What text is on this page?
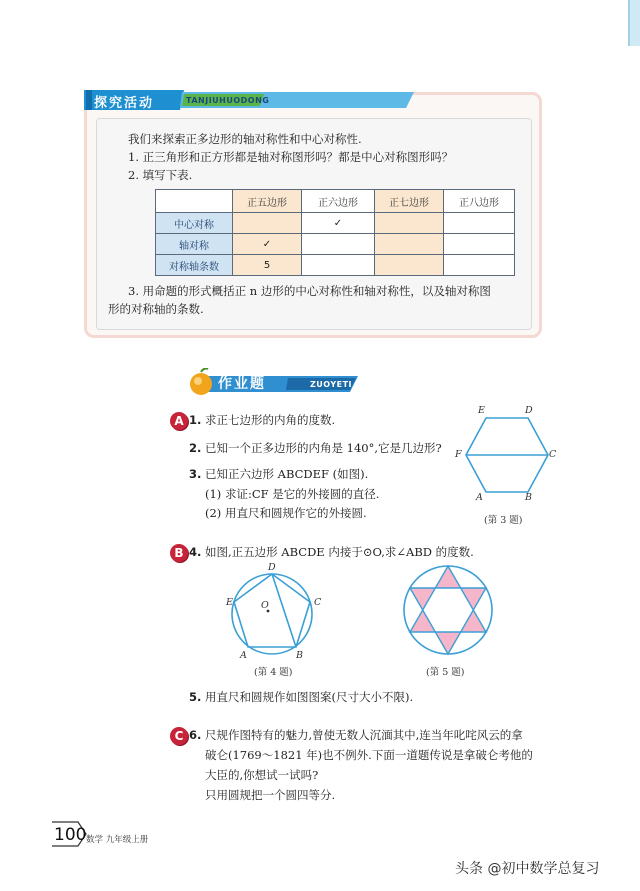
探究活动	TANJIUHUODONG
我们来探索正多边形的轴对称性和中心对称性.
1. 正三角形和正方形都是轴对称图形吗？都是中心对称图形吗？
2. 填写下表.
	正五边形	正六边形	正七边形	正八边形
中心对称		✓		
轴对称	✓			
对称轴条数	5			
3. 用命题的形式概括正 n 边形的中心对称性和轴对称性，以及轴对称图
形的对称轴的条数.
作业题	ZUOYETI
A 1. 求正七边形的内角的度数.
2. 已知一个正多边形的内角是 140°,它是几边形?
3. 已知正六边形 ABCDEF (如图).
(1) 求证:CF 是它的外接圆的直径.
(2) 用直尺和圆规作它的外接圆.
E	D
F	C
A	B
(第 3 题)
B 4. 如图,正五边形 ABCDE 内接于⊙O,求∠ABD 的度数.
D
E	C
O
A	B
(第 4 题)	(第 5 题)
5. 用直尺和圆规作如图图案(尺寸大小不限).
C 6. 尺规作图特有的魅力,曾使无数人沉湎其中,连当年叱咤风云的拿
破仑(1769～1821 年)也不例外.下面一道题传说是拿破仑考他的
大臣的,你想试一试吗?
只用圆规把一个圆四等分.
100 数学 九年级上册
头条 @初中数学总复习
